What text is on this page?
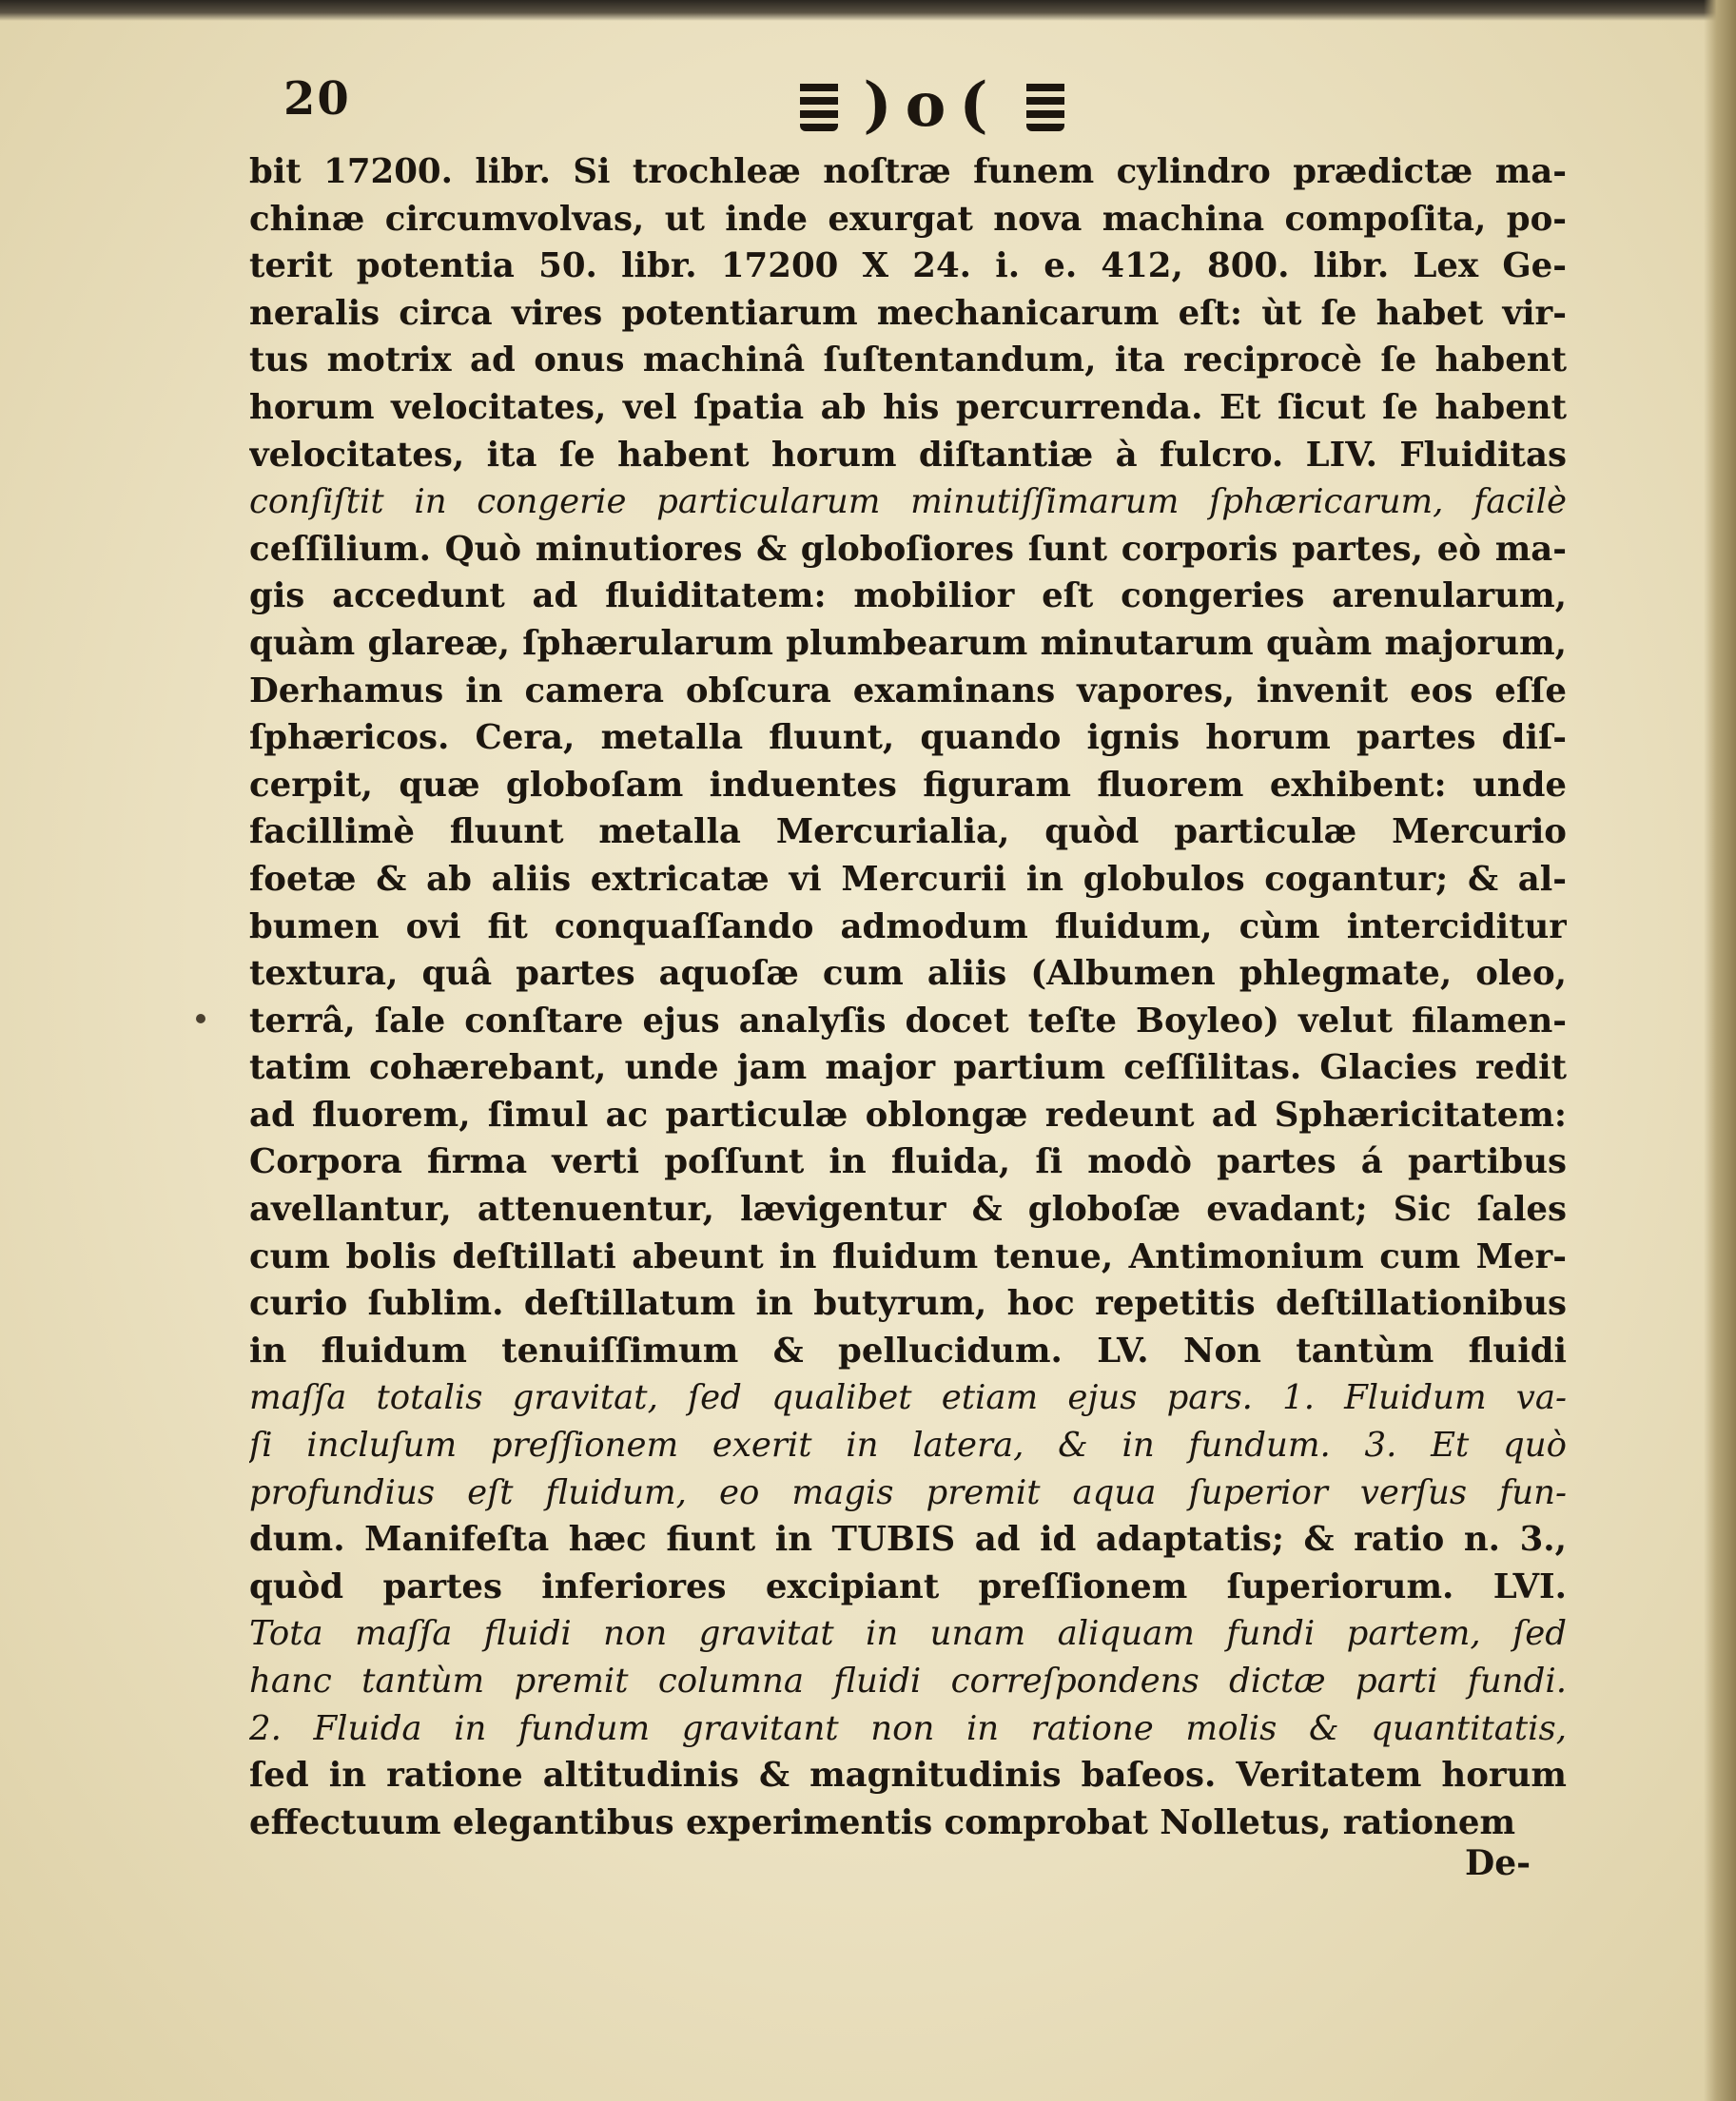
20	)o(
bit 17200. libr. Si trochleæ noſtræ funem cylindro prædictæ ma-
chinæ circumvolvas, ut inde exurgat nova machina compoſita, po-
terit potentia 50. libr. 17200 X 24. i. e. 412, 800. libr. Lex Ge-
neralis circa vires potentiarum mechanicarum eſt: ùt ſe habet vir-
tus motrix ad onus machinâ ſuſtentandum, ita reciprocè ſe habent
horum velocitates, vel ſpatia ab his percurrenda. Et ſicut ſe habent
velocitates, ita ſe habent horum diſtantiæ à fulcro. LIV. Fluiditas
conſiſtit in congerie particularum minutiſſimarum ſphæricarum, facilè
ceſſilium. Quò minutiores & globoſiores ſunt corporis partes, eò ma-
gis accedunt ad fluiditatem: mobilior eſt congeries arenularum,
quàm glareæ, ſphærularum plumbearum minutarum quàm majorum,
Derhamus in camera obſcura examinans vapores, invenit eos eſſe
ſphæricos. Cera, metalla fluunt, quando ignis horum partes diſ-
cerpit, quæ globoſam induentes figuram fluorem exhibent: unde
facillimè fluunt metalla Mercurialia, quòd particulæ Mercurio
foetæ & ab aliis extricatæ vi Mercurii in globulos cogantur; & al-
bumen ovi fit conquaſſando admodum fluidum, cùm interciditur
textura, quâ partes aquoſæ cum aliis (Albumen phlegmate, oleo,
terrâ, ſale conſtare ejus analyſis docet teſte Boyleo) velut filamen-
tatim cohærebant, unde jam major partium ceſſilitas. Glacies redit
ad fluorem, ſimul ac particulæ oblongæ redeunt ad Sphæricitatem:
Corpora firma verti poſſunt in fluida, ſi modò partes á partibus
avellantur, attenuentur, lævigentur & globoſæ evadant; Sic ſales
cum bolis deſtillati abeunt in fluidum tenue, Antimonium cum Mer-
curio ſublim. deſtillatum in butyrum, hoc repetitis deſtillationibus
in fluidum tenuiſſimum & pellucidum. LV. Non tantùm fluidi
maſſa totalis gravitat, ſed qualibet etiam ejus pars. 1. Fluidum va-
ſi incluſum preſſionem exerit in latera, & in fundum. 3. Et quò
profundius eſt fluidum, eo magis premit aqua ſuperior verſus fun-
dum. Manifeſta hæc fiunt in TUBIS ad id adaptatis; & ratio n. 3.,
quòd partes inferiores excipiant preſſionem ſuperiorum. LVI.
Tota maſſa fluidi non gravitat in unam aliquam fundi partem, ſed
hanc tantùm premit columna fluidi correſpondens dictæ parti fundi.
2. Fluida in fundum gravitant non in ratione molis & quantitatis,
ſed in ratione altitudinis & magnitudinis baſeos. Veritatem horum
effectuum elegantibus experimentis comprobat Nolletus, rationem
De-
